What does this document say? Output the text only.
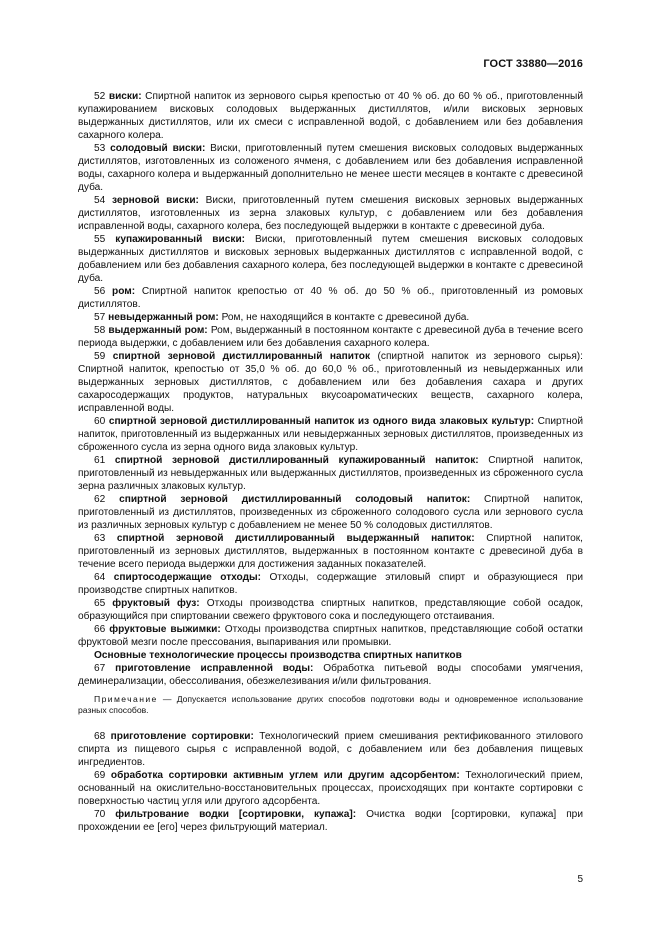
ГОСТ 33880—2016

52 виски: Спиртной напиток из зернового сырья крепостью от 40 % об. до 60 % об., приготовленный купажированием висковых солодовых выдержанных дистиллятов, и/или висковых зерновых выдержанных дистиллятов, или их смеси с исправленной водой, с добавлением или без добавления сахарного колера.

53 солодовый виски: Виски, приготовленный путем смешения висковых солодовых выдержанных дистиллятов, изготовленных из соложеного ячменя, с добавлением или без добавления исправленной воды, сахарного колера и выдержанный дополнительно не менее шести месяцев в контакте с древесиной дуба.

54 зерновой виски: Виски, приготовленный путем смешения висковых зерновых выдержанных дистиллятов, изготовленных из зерна злаковых культур, с добавлением или без добавления исправленной воды, сахарного колера, без последующей выдержки в контакте с древесиной дуба.

55 купажированный виски: Виски, приготовленный путем смешения висковых солодовых выдержанных дистиллятов и висковых зерновых выдержанных дистиллятов с исправленной водой, с добавлением или без добавления сахарного колера, без последующей выдержки в контакте с древесиной дуба.

56 ром: Спиртной напиток крепостью от 40 % об. до 50 % об., приготовленный из ромовых дистиллятов.

57 невыдержанный ром: Ром, не находящийся в контакте с древесиной дуба.

58 выдержанный ром: Ром, выдержанный в постоянном контакте с древесиной дуба в течение всего периода выдержки, с добавлением или без добавления сахарного колера.

59 спиртной зерновой дистиллированный напиток (спиртной напиток из зернового сырья): Спиртной напиток, крепостью от 35,0 % об. до 60,0 % об., приготовленный из невыдержанных или выдержанных зерновых дистиллятов, с добавлением или без добавления сахара и других сахаросодержащих продуктов, натуральных вкусоароматических веществ, сахарного колера, исправленной воды.

60 спиртной зерновой дистиллированный напиток из одного вида злаковых культур: Спиртной напиток, приготовленный из выдержанных или невыдержанных зерновых дистиллятов, произведенных из сброженного сусла из зерна одного вида злаковых культур.

61 спиртной зерновой дистиллированный купажированный напиток: Спиртной напиток, приготовленный из невыдержанных или выдержанных дистиллятов, произведенных из сброженного сусла зерна различных злаковых культур.

62 спиртной зерновой дистиллированный солодовый напиток: Спиртной напиток, приготовленный из дистиллятов, произведенных из сброженного солодового сусла или зернового сусла из различных зерновых культур с добавлением не менее 50 % солодовых дистиллятов.

63 спиртной зерновой дистиллированный выдержанный напиток: Спиртной напиток, приготовленный из зерновых дистиллятов, выдержанных в постоянном контакте с древесиной дуба в течение всего периода выдержки для достижения заданных показателей.

64 спиртосодержащие отходы: Отходы, содержащие этиловый спирт и образующиеся при производстве спиртных напитков.

65 фруктовый фуз: Отходы производства спиртных напитков, представляющие собой осадок, образующийся при спиртовании свежего фруктового сока и последующего отстаивания.

66 фруктовые выжимки: Отходы производства спиртных напитков, представляющие собой остатки фруктовой мезги после прессования, выпаривания или промывки.

Основные технологические процессы производства спиртных напитков

67 приготовление исправленной воды: Обработка питьевой воды способами умягчения, деминерализации, обессоливания, обезжелезивания и/или фильтрования.

Примечание — Допускается использование других способов подготовки воды и одновременное использование разных способов.

68 приготовление сортировки: Технологический прием смешивания ректификованного этилового спирта из пищевого сырья с исправленной водой, с добавлением или без добавления пищевых ингредиентов.

69 обработка сортировки активным углем или другим адсорбентом: Технологический прием, основанный на окислительно-восстановительных процессах, происходящих при контакте сортировки с поверхностью частиц угля или другого адсорбента.

70 фильтрование водки [сортировки, купажа]: Очистка водки [сортировки, купажа] при прохождении ее [его] через фильтрующий материал.

5
